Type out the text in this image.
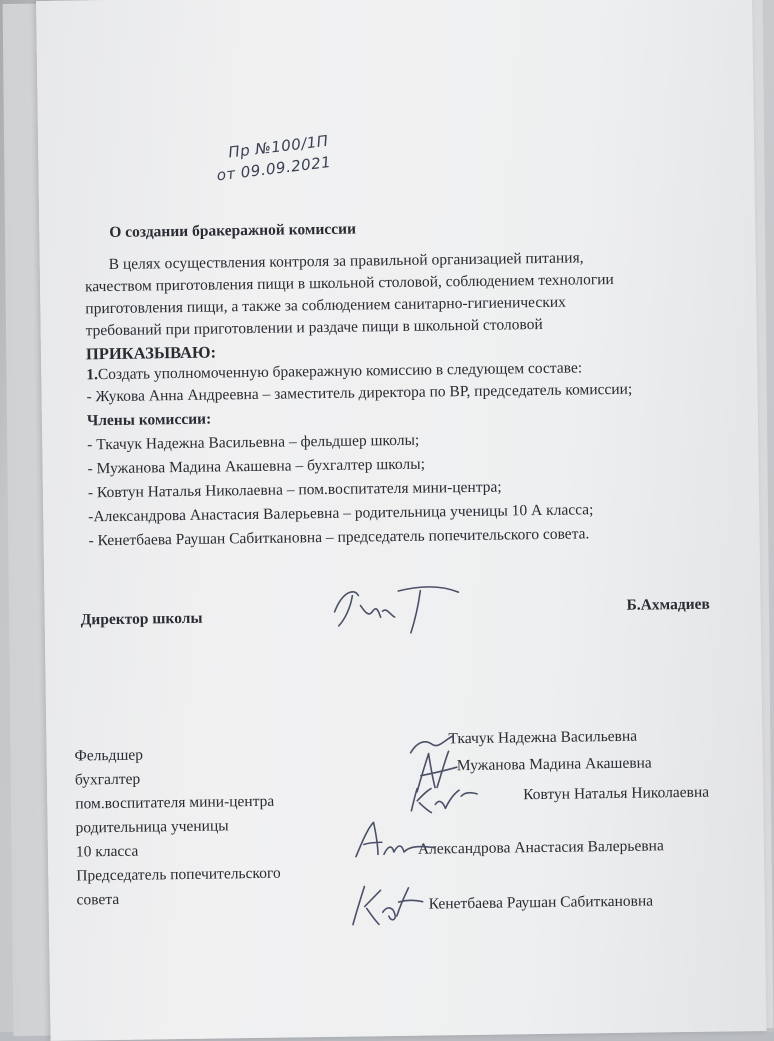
Пр №100/1П
от 09.09.2021
О создании бракеражной комиссии
В целях осуществления контроля за правильной организацией питания,
качеством приготовления пищи в школьной столовой, соблюдением технологии
приготовления пищи, а также за соблюдением санитарно-гигиенических
требований при приготовлении и раздаче пищи в школьной столовой
ПРИКАЗЫВАЮ:
1.Создать уполномоченную бракеражную комиссию в следующем составе:
- Жукова Анна Андреевна – заместитель директора по ВР, председатель комиссии;
Члены комиссии:
- Ткачук Надежна Васильевна – фельдшер школы;
- Мужанова Мадина Акашевна – бухгалтер школы;
- Ковтун Наталья Николаевна – пом.воспитателя мини-центра;
-Александрова Анастасия Валерьевна – родительница ученицы 10 А класса;
- Кенетбаева Раушан Сабиткановна – председатель попечительского совета.
Директор школы
Б.Ахмадиев
Фельдшер
бухгалтер
пом.воспитателя мини-центра
родительница ученицы
10 класса
Председатель попечительского
совета
Ткачук Надежна Васильевна
Мужанова Мадина Акашевна
Ковтун Наталья Николаевна
Александрова Анастасия Валерьевна
Кенетбаева Раушан Сабиткановна
